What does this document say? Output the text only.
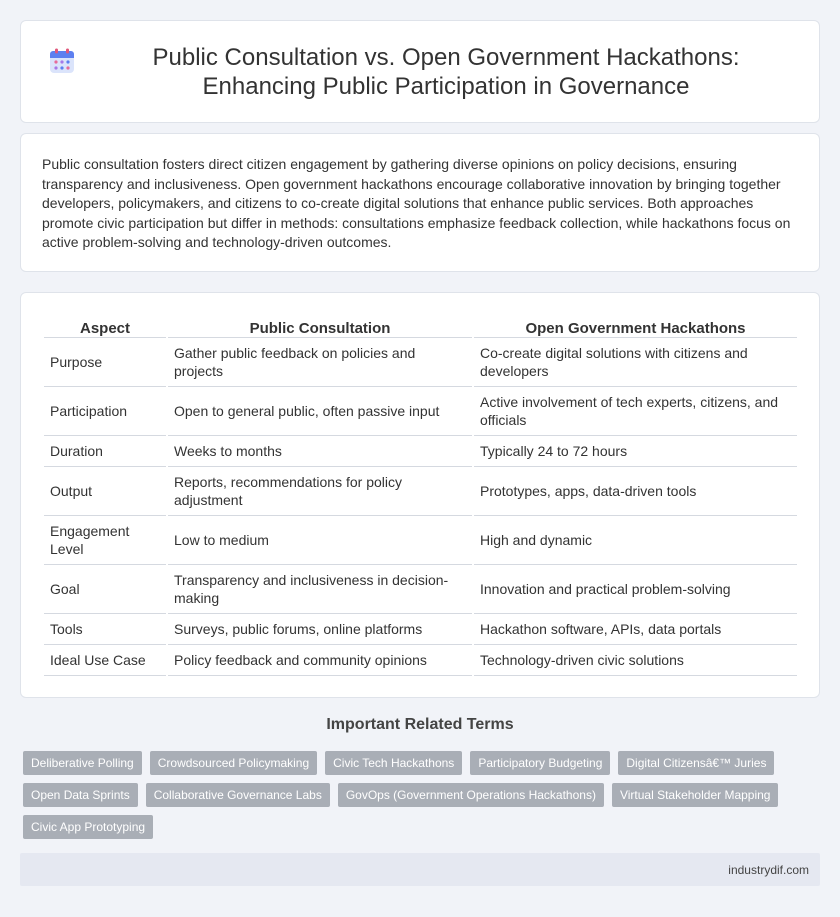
Public Consultation vs. Open Government Hackathons: Enhancing Public Participation in Governance

Public consultation fosters direct citizen engagement by gathering diverse opinions on policy decisions, ensuring transparency and inclusiveness. Open government hackathons encourage collaborative innovation by bringing together developers, policymakers, and citizens to co-create digital solutions that enhance public services. Both approaches promote civic participation but differ in methods: consultations emphasize feedback collection, while hackathons focus on active problem-solving and technology-driven outcomes.

Aspect	Public Consultation	Open Government Hackathons
Purpose	Gather public feedback on policies and projects	Co-create digital solutions with citizens and developers
Participation	Open to general public, often passive input	Active involvement of tech experts, citizens, and officials
Duration	Weeks to months	Typically 24 to 72 hours
Output	Reports, recommendations for policy adjustment	Prototypes, apps, data-driven tools
Engagement Level	Low to medium	High and dynamic
Goal	Transparency and inclusiveness in decision-making	Innovation and practical problem-solving
Tools	Surveys, public forums, online platforms	Hackathon software, APIs, data portals
Ideal Use Case	Policy feedback and community opinions	Technology-driven civic solutions
Important Related Terms
Deliberative Polling	Crowdsourced Policymaking	Civic Tech Hackathons	Participatory Budgeting	Digital Citizensâ€™ Juries
Open Data Sprints	Collaborative Governance Labs	GovOps (Government Operations Hackathons)	Virtual Stakeholder Mapping
Civic App Prototyping
industrydif.com
